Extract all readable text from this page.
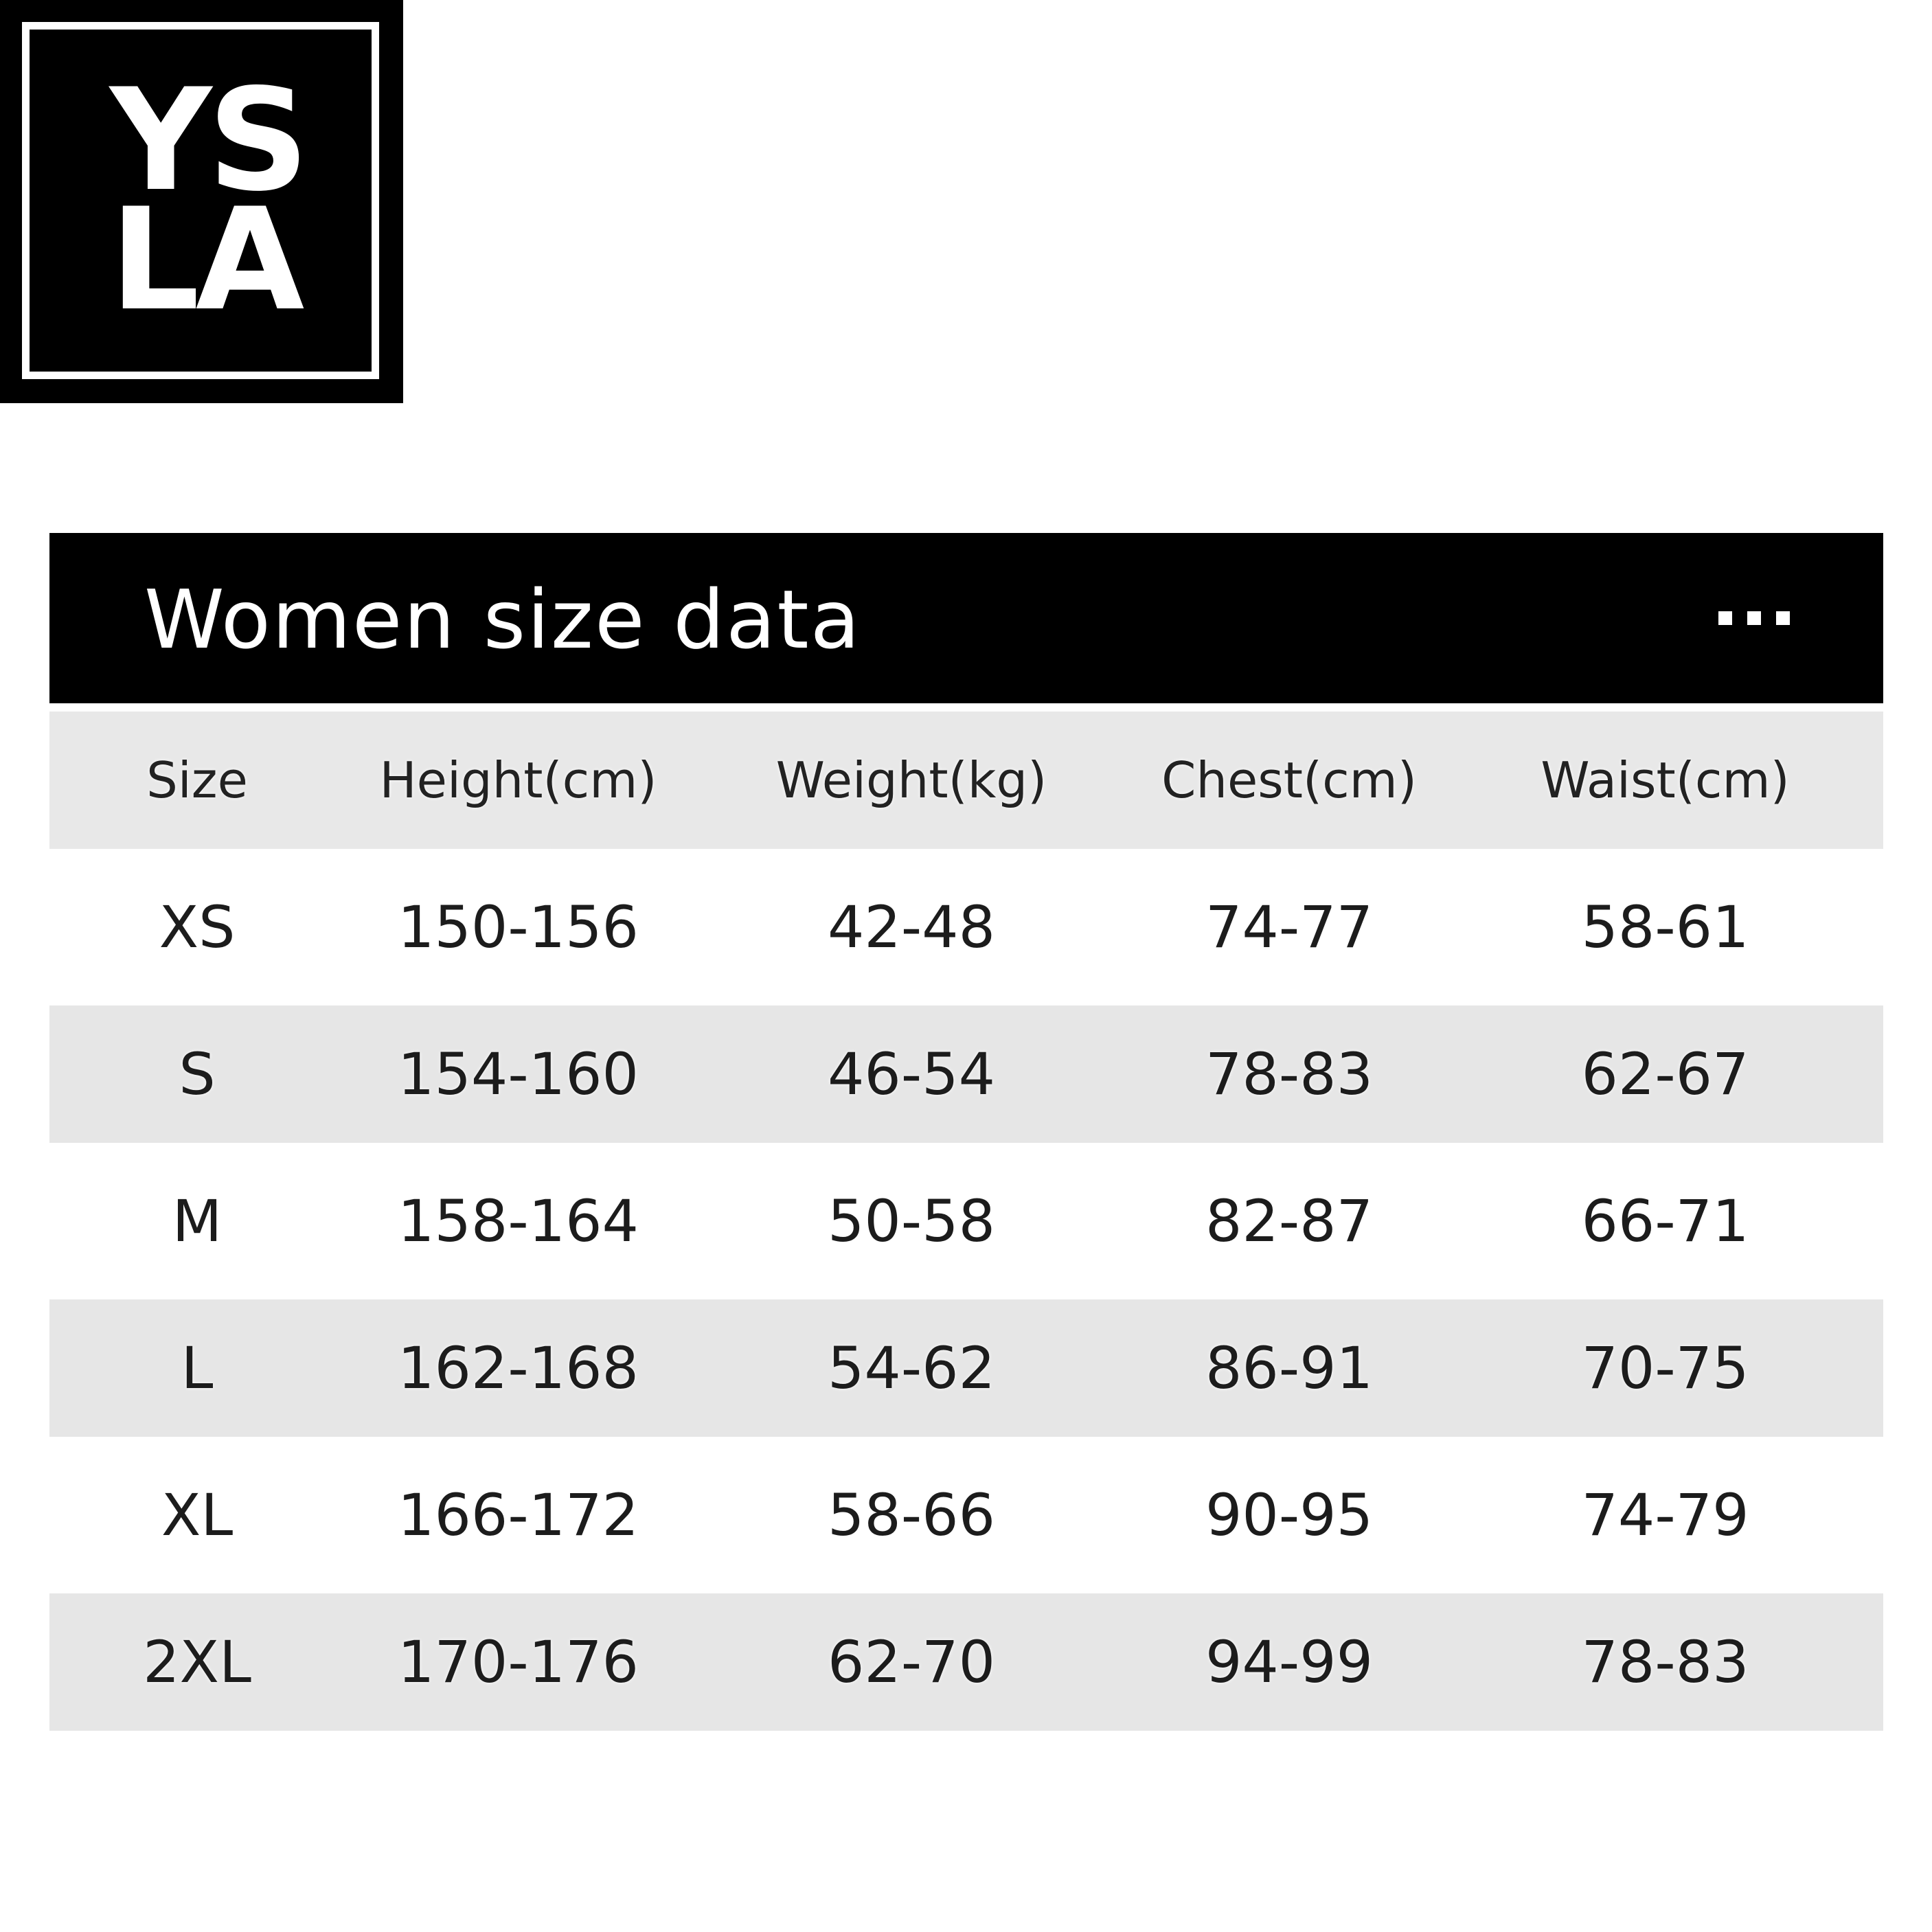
YS
LA
Women size data
Size	Height(cm)	Weight(kg)	Chest(cm)	Waist(cm)
XS	150-156	42-48	74-77	58-61
S	154-160	46-54	78-83	62-67
M	158-164	50-58	82-87	66-71
L	162-168	54-62	86-91	70-75
XL	166-172	58-66	90-95	74-79
2XL	170-176	62-70	94-99	78-83
